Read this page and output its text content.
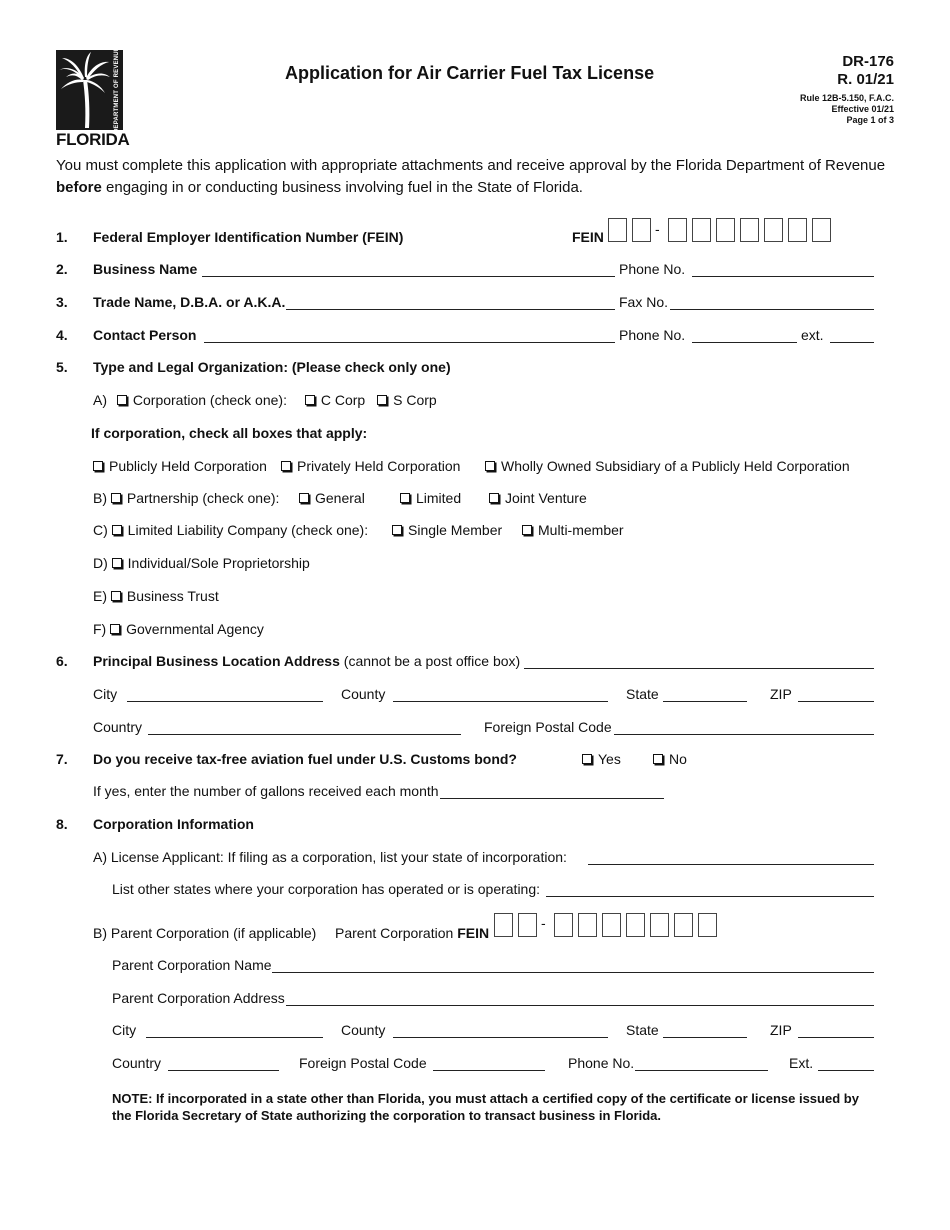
DEPARTMENT OF REVENUE
FLORIDA
Application for Air Carrier Fuel Tax License
DR-176
R. 01/21
Rule 12B-5.150, F.A.C.
Effective 01/21
Page 1 of 3
You must complete this application with appropriate attachments and receive approval by the Florida Department of Revenue before engaging in or conducting business involving fuel in the State of Florida.
1. Federal Employer Identification Number (FEIN)	FEIN	-
2. Business Name	Phone No.
3. Trade Name, D.B.A. or A.K.A.	Fax No.
4. Contact Person	Phone No.	ext.
5. Type and Legal Organization: (Please check only one)
A) Corporation (check one): C Corp S Corp
If corporation, check all boxes that apply:
Publicly Held Corporation	Privately Held Corporation	Wholly Owned Subsidiary of a Publicly Held Corporation
B) Partnership (check one):	General	Limited	Joint Venture
C) Limited Liability Company (check one):	Single Member	Multi-member
D) Individual/Sole Proprietorship
E) Business Trust
F) Governmental Agency
6. Principal Business Location Address (cannot be a post office box)
City	County	State	ZIP
Country	Foreign Postal Code
7. Do you receive tax-free aviation fuel under U.S. Customs bond?	Yes	No
If yes, enter the number of gallons received each month
8. Corporation Information
A) License Applicant: If filing as a corporation, list your state of incorporation:
List other states where your corporation has operated or is operating:
B) Parent Corporation (if applicable) Parent Corporation FEIN
-
Parent Corporation Name
Parent Corporation Address
City	County	State	ZIP
Country	Foreign Postal Code	Phone No.	Ext.
NOTE: If incorporated in a state other than Florida, you must attach a certified copy of the certificate or license issued by the Florida Secretary of State authorizing the corporation to transact business in Florida.
